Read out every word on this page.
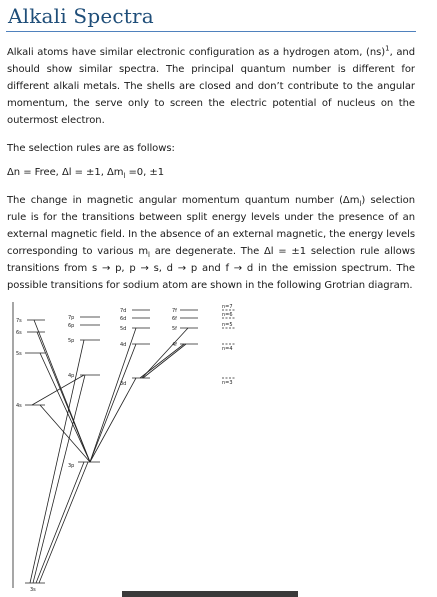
Alkali Spectra
Alkali atoms have similar electronic configuration as a hydrogen atom, (ns)$^1$, and should show similar spectra. The principal quantum number is different for different alkali metals. The shells are closed and don’t contribute to the angular momentum, the serve only to screen the electric potential of nucleus on the outermost electron.
The selection rules are as follows:
Δn = Free, Δl = ±1, $\Delta m_l =0$, ±1
The change in magnetic angular momentum quantum number $(\Delta m_l)$ selection rule is for the transitions between split energy levels under the presence of an external magnetic field. In the absence of an external magnetic, the energy levels corresponding to various $m_l$ are degenerate. The Δl = ±1 selection rule allows transitions from s → p, p → s, d → p and f → d in the emission spectrum. The possible transitions for sodium atom are shown in the following Grotrian diagram.
7s
6s
5s
4s
3s
7p
6p
5p
4p
3p
7d
6d
5d
4d
3d
7f
6f
5f
4f
n=7
n=6
n=5
n=4
n=3
